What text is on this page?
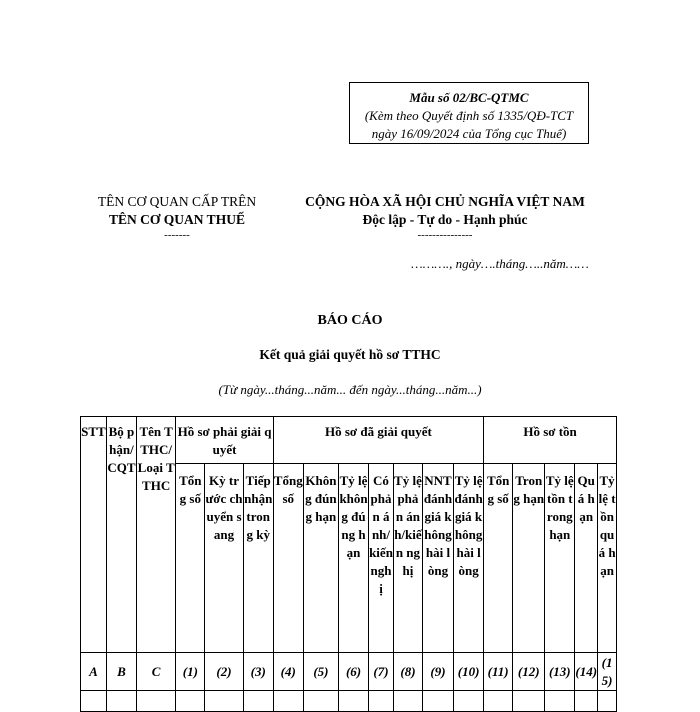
Mẫu số 02/BC-QTMC
(Kèm theo Quyết định số 1335/QĐ-TCT
ngày 16/09/2024 của Tổng cục Thuế)
TÊN CƠ QUAN CẤP TRÊN
TÊN CƠ QUAN THUẾ
-------
CỘNG HÒA XÃ HỘI CHỦ NGHĨA VIỆT NAM
Độc lập - Tự do - Hạnh phúc
---------------
………., ngày….tháng…..năm……
BÁO CÁO
Kết quả giải quyết hồ sơ TTHC
(Từ ngày...tháng...năm... đến ngày...tháng...năm...)
STT	Bộ phận/CQT	Tên TTHC/Loại TTHC	Hồ sơ phải giải quyết			Hồ sơ đã giải quyết							Hồ sơ tồn				
			Tổng số	Kỳ trước chuyển sang	Tiếp nhận trong kỳ	Tổng số	Không đúng hạn	Tỷ lệ không đúng hạn	Có phản ánh/kiến nghị	Tỷ lệ phản ánh/kiến nghị	NNT đánh giá không hài lòng	Tỷ lệ đánh giá không hài lòng	Tổng số	Trong hạn	Tỷ lệ tồn trong hạn	Quá hạn	Tỷ lệ tồn quá hạn
A	B	C	(1)	(2)	(3)	(4)	(5)	(6)	(7)	(8)	(9)	(10)	(11)	(12)	(13)	(14)	(15)
